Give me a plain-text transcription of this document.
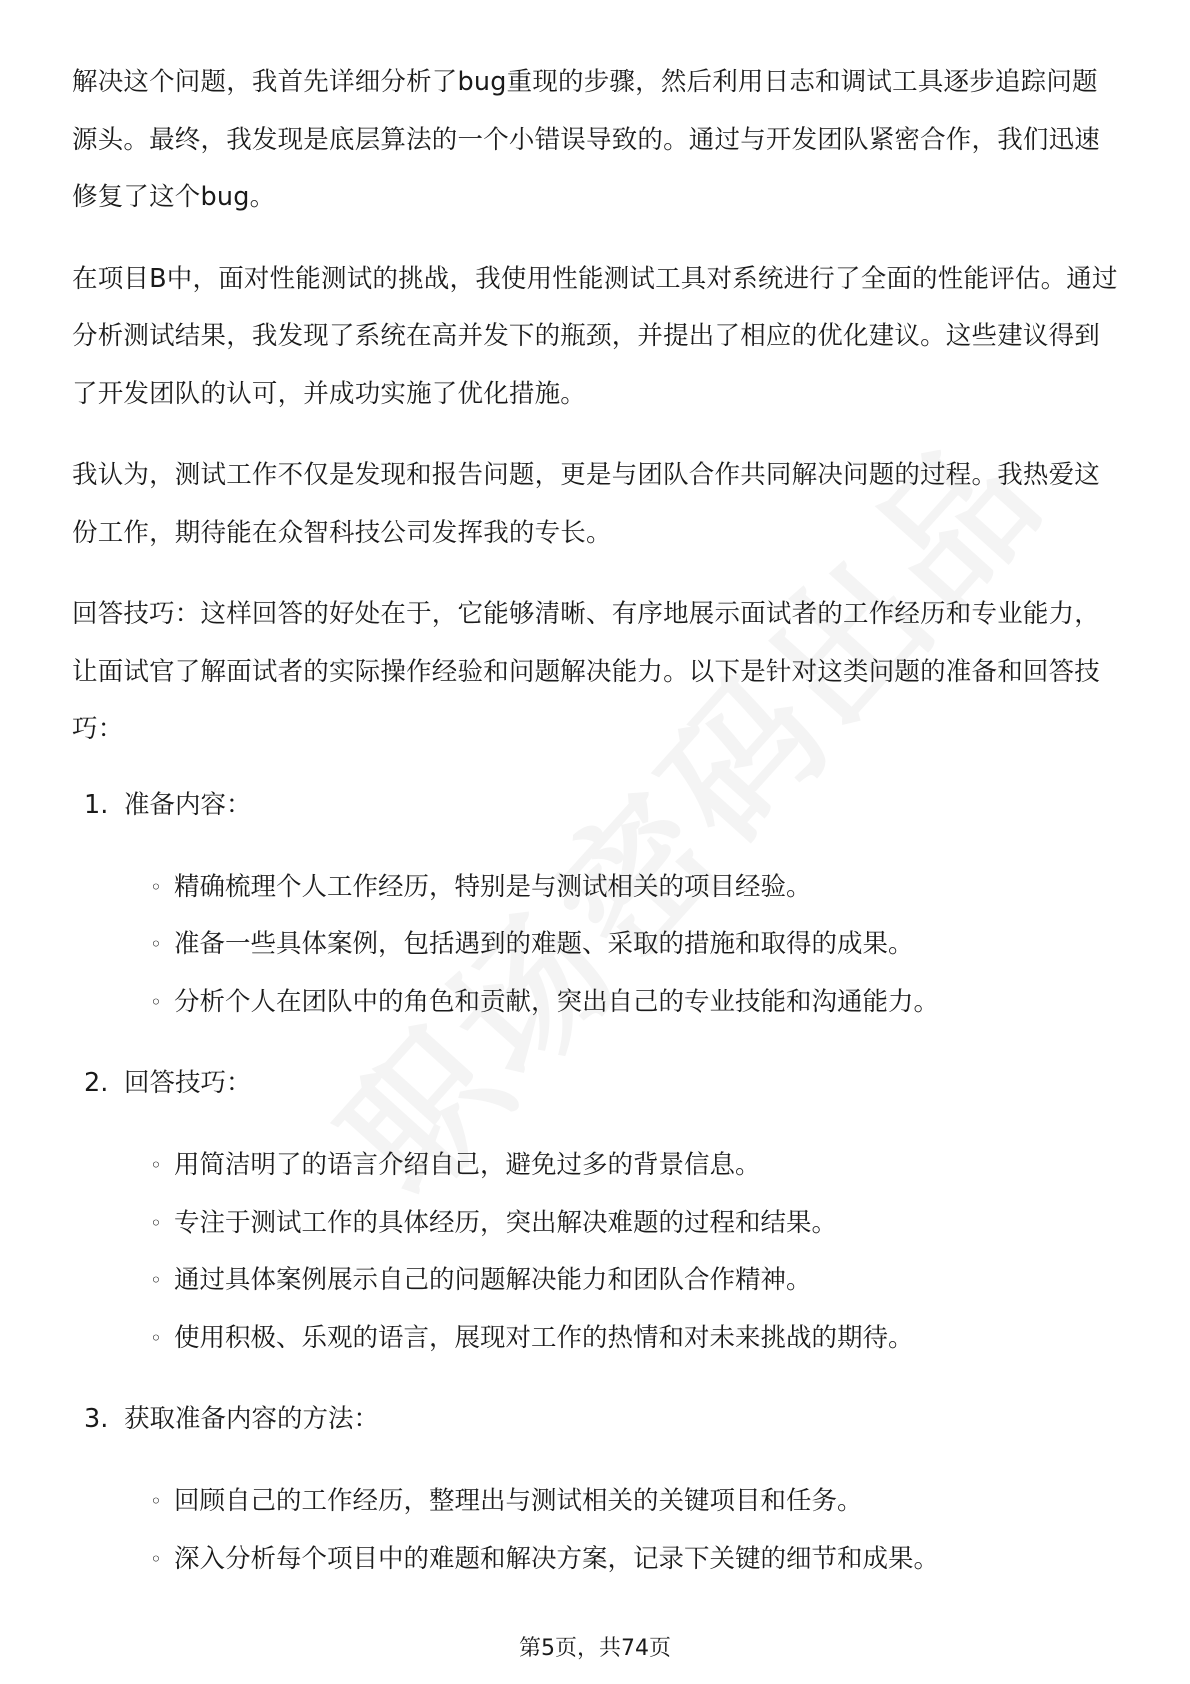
解决这个问题，我首先详细分析了bug重现的步骤，然后利用日志和调试工具逐步追踪问题源头。最终，我发现是底层算法的一个小错误导致的。通过与开发团队紧密合作，我们迅速修复了这个bug。

在项目B中，面对性能测试的挑战，我使用性能测试工具对系统进行了全面的性能评估。通过分析测试结果，我发现了系统在高并发下的瓶颈，并提出了相应的优化建议。这些建议得到了开发团队的认可，并成功实施了优化措施。

我认为，测试工作不仅是发现和报告问题，更是与团队合作共同解决问题的过程。我热爱这份工作，期待能在众智科技公司发挥我的专长。

回答技巧：这样回答的好处在于，它能够清晰、有序地展示面试者的工作经历和专业能力，让面试官了解面试者的实际操作经验和问题解决能力。以下是针对这类问题的准备和回答技巧：

1. 准备内容：
◦ 精确梳理个人工作经历，特别是与测试相关的项目经验。
◦ 准备一些具体案例，包括遇到的难题、采取的措施和取得的成果。
◦ 分析个人在团队中的角色和贡献，突出自己的专业技能和沟通能力。
2. 回答技巧：
◦ 用简洁明了的语言介绍自己，避免过多的背景信息。
◦ 专注于测试工作的具体经历，突出解决难题的过程和结果。
◦ 通过具体案例展示自己的问题解决能力和团队合作精神。
◦ 使用积极、乐观的语言，展现对工作的热情和对未来挑战的期待。
3. 获取准备内容的方法：
◦ 回顾自己的工作经历，整理出与测试相关的关键项目和任务。
◦ 深入分析每个项目中的难题和解决方案，记录下关键的细节和成果。
第5页，共74页
